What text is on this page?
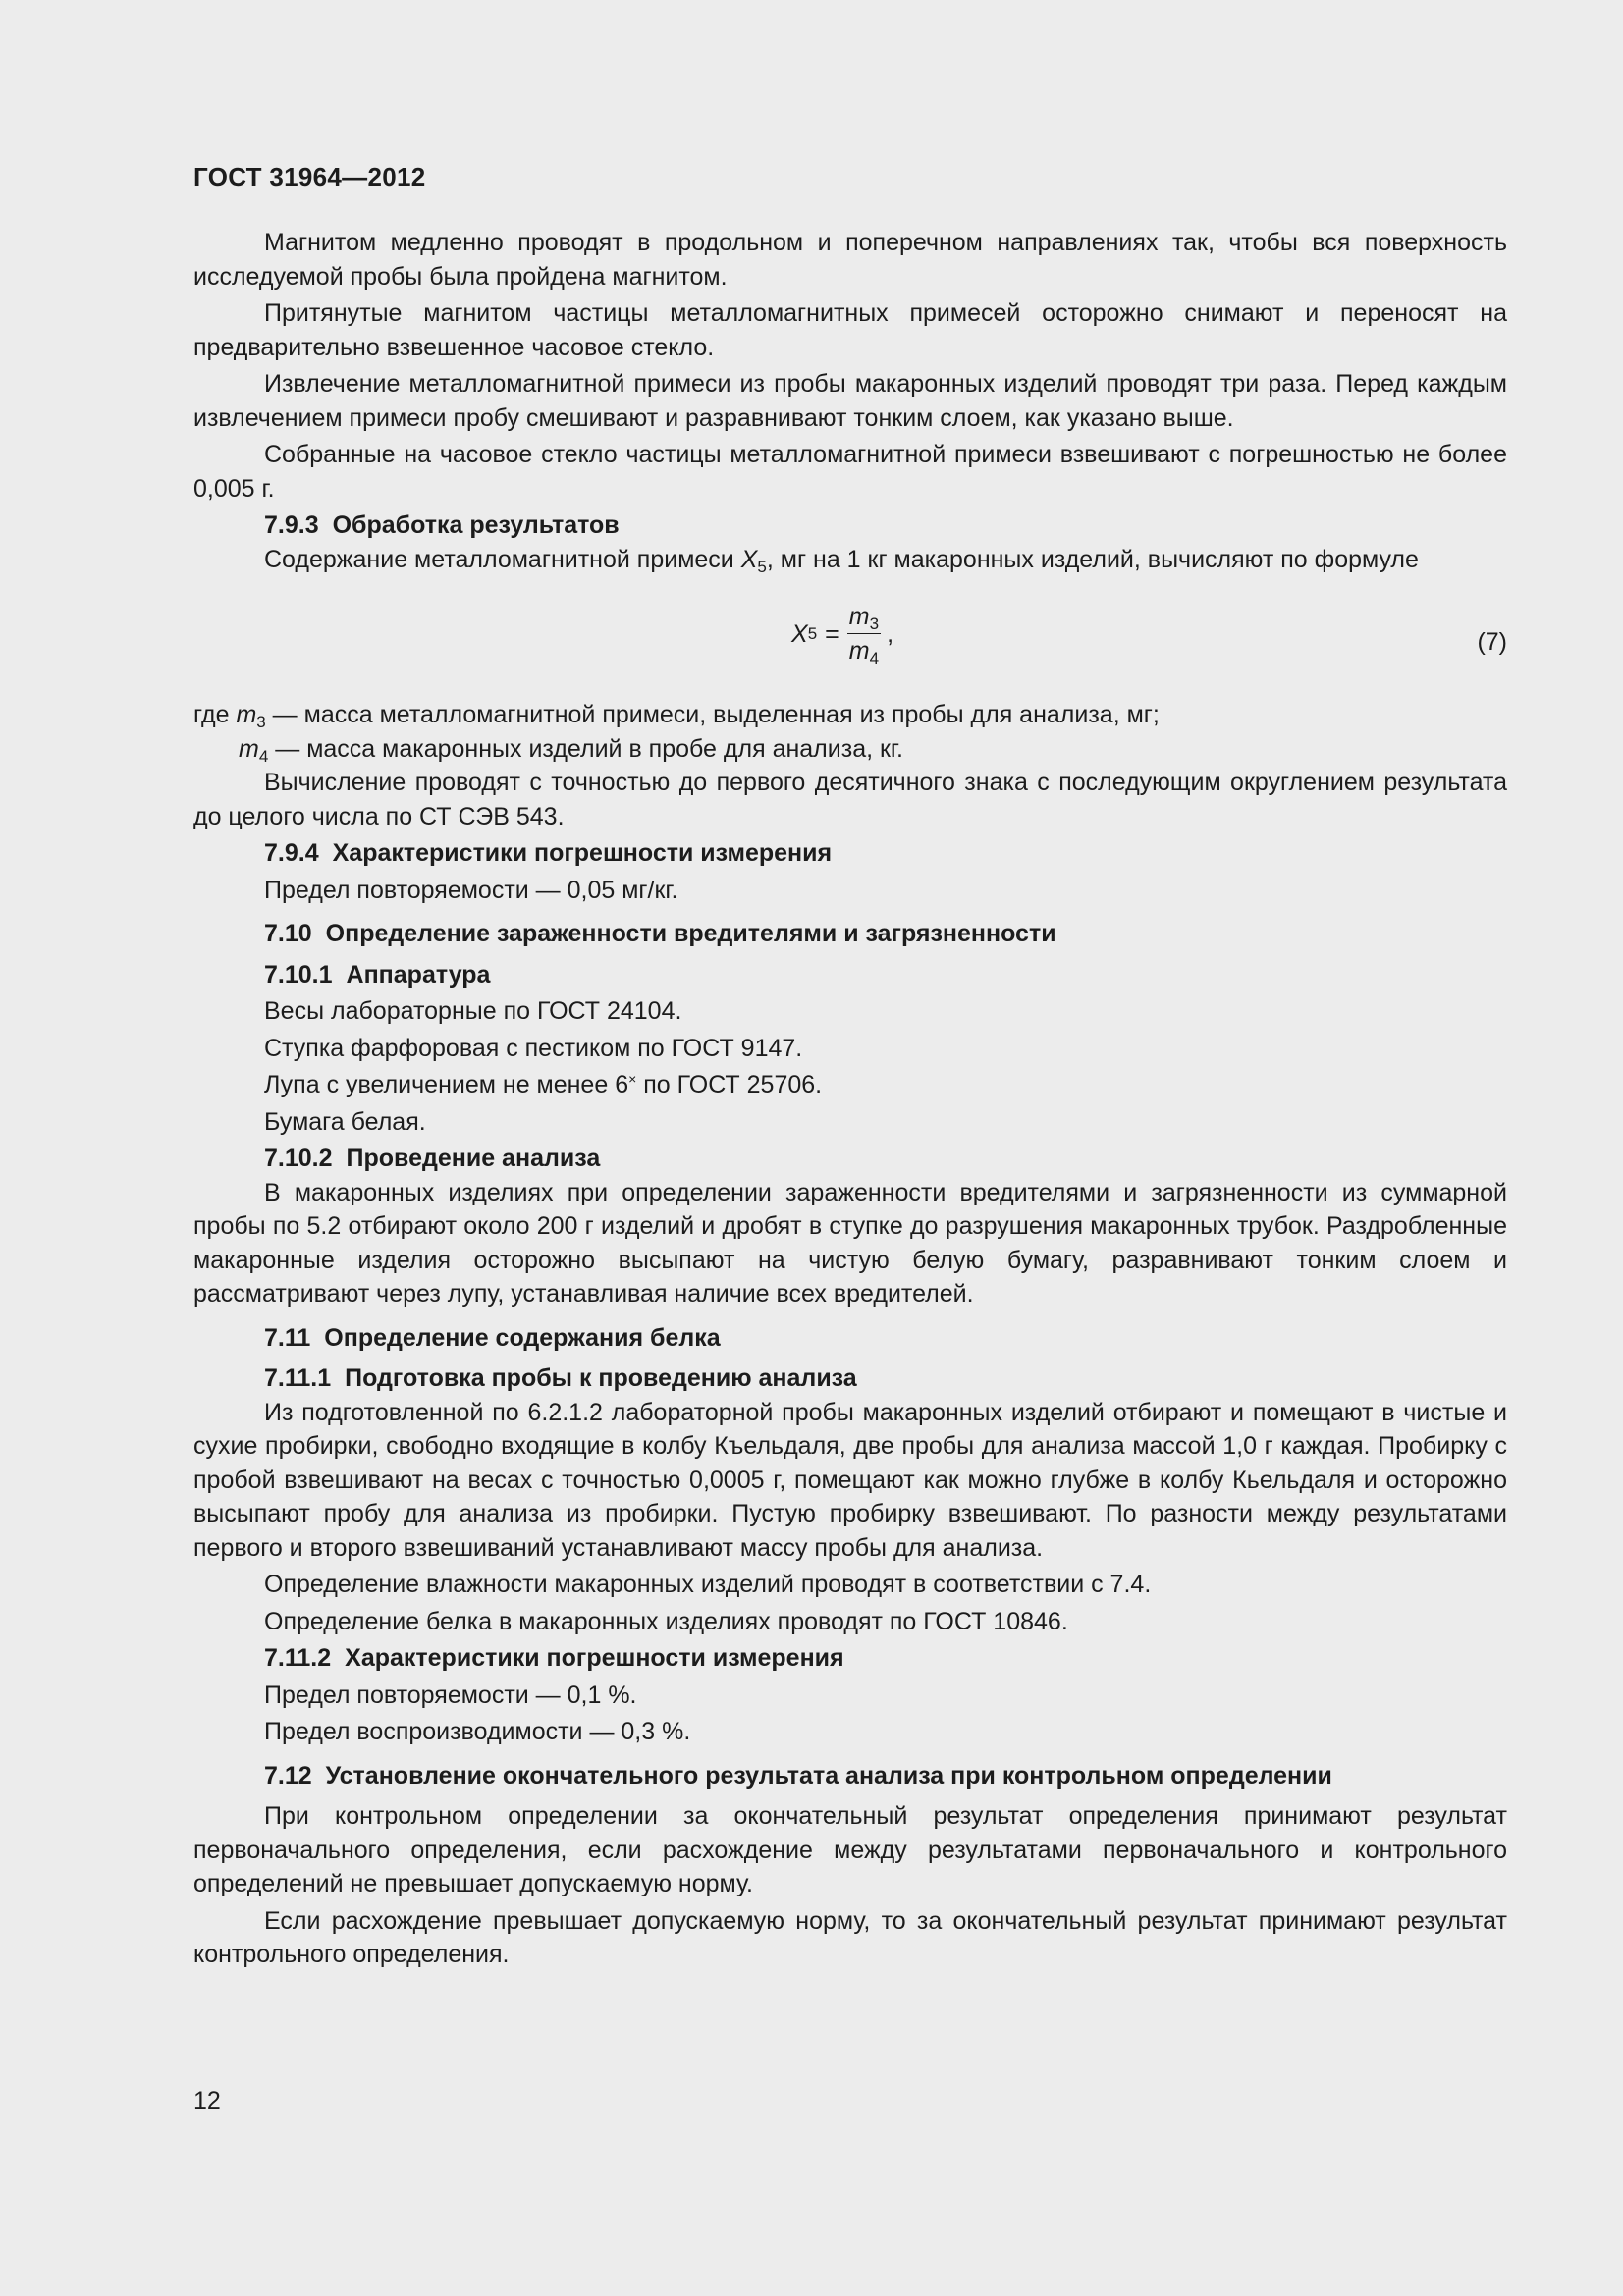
ГОСТ 31964—2012

Магнитом медленно проводят в продольном и поперечном направлениях так, чтобы вся поверхность исследуемой пробы была пройдена магнитом.

Притянутые магнитом частицы металломагнитных примесей осторожно снимают и переносят на предварительно взвешенное часовое стекло.

Извлечение металломагнитной примеси из пробы макаронных изделий проводят три раза. Перед каждым извлечением примеси пробу смешивают и разравнивают тонким слоем, как указано выше.

Собранные на часовое стекло частицы металломагнитной примеси взвешивают с погрешностью не более 0,005 г.

7.9.3 Обработка результатов

Содержание металломагнитной примеси $X_5$, мг на 1 кг макаронных изделий, вычисляют по формуле

X $5 = \frac{m_3}{m_4}$ ,	(7)

где $m_3$ — масса металломагнитной примеси, выделенная из пробы для анализа, мг;

$m_4$ — масса макаронных изделий в пробе для анализа, кг.

Вычисление проводят с точностью до первого десятичного знака с последующим округлением результата до целого числа по СТ СЭВ 543.

7.9.4 Характеристики погрешности измерения

Предел повторяемости — 0,05 мг/кг.

7.10 Определение зараженности вредителями и загрязненности

7.10.1 Аппаратура

Весы лабораторные по ГОСТ 24104.

Ступка фарфоровая с пестиком по ГОСТ 9147.

Лупа с увеличением не менее 6× по ГОСТ 25706.

Бумага белая.

7.10.2 Проведение анализа

В макаронных изделиях при определении зараженности вредителями и загрязненности из суммарной пробы по 5.2 отбирают около 200 г изделий и дробят в ступке до разрушения макаронных трубок. Раздробленные макаронные изделия осторожно высыпают на чистую белую бумагу, разравнивают тонким слоем и рассматривают через лупу, устанавливая наличие всех вредителей.

7.11 Определение содержания белка

7.11.1 Подготовка пробы к проведению анализа

Из подготовленной по 6.2.1.2 лабораторной пробы макаронных изделий отбирают и помещают в чистые и сухие пробирки, свободно входящие в колбу Къельдаля, две пробы для анализа массой 1,0 г каждая. Пробирку с пробой взвешивают на весах с точностью 0,0005 г, помещают как можно глубже в колбу Кьельдаля и осторожно высыпают пробу для анализа из пробирки. Пустую пробирку взвешивают. По разности между результатами первого и второго взвешиваний устанавливают массу пробы для анализа.

Определение влажности макаронных изделий проводят в соответствии с 7.4.

Определение белка в макаронных изделиях проводят по ГОСТ 10846.

7.11.2 Характеристики погрешности измерения

Предел повторяемости — 0,1 %.

Предел воспроизводимости — 0,3 %.

7.12 Установление окончательного результата анализа при контрольном определении

При контрольном определении за окончательный результат определения принимают результат первоначального определения, если расхождение между результатами первоначального и контрольного определений не превышает допускаемую норму.

Если расхождение превышает допускаемую норму, то за окончательный результат принимают результат контрольного определения.

12
